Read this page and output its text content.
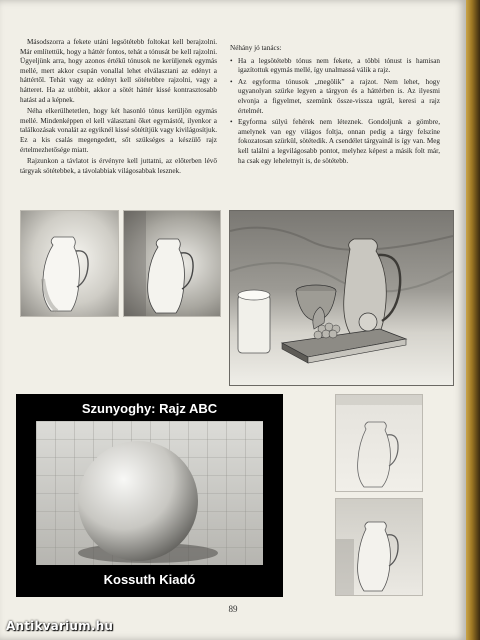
Másodszorra a fekete utáni legsötétebb foltokat kell berajzolni. Már említettük, hogy a háttér fontos, tehát a tónusát be kell rajzolni. Ügyeljünk arra, hogy azonos értékű tónusok ne kerüljenek egymás mellé, mert akkor csupán vonallal lehet elválasztani az edényt a háttértől. Tehát vagy az edényt kell sötétebbre rajzolni, vagy a hátteret. Ha az utóbbit, akkor a sötét háttér kissé kontrasztosabb hatást ad a képnek.

Néha elkerülhetetlen, hogy két hasonló tónus kerüljön egymás mellé. Mindenképpen el kell választani őket egymástól, ilyenkor a találkozásak vonalát az egyiknél kissé sötétítjük vagy kivilágosítjuk. Ez a kis csalás megengedett, sőt szükséges a készülő rajz értelmezhetősége miatt.

Rajzunkon a távlatot is érvényre kell juttatni, az előterben lévő tárgyak sötétebbek, a távolabbiak világosabbak lesznek.

Néhány jó tanács:

• Ha a legsötétebb tónus nem fekete, a többi tónust is hamisan igazítottuk egymás mellé, így unalmassá válik a rajz.
• Az egyforma tónusok „megölik” a rajzot. Nem lehet, hogy ugyanolyan szürke legyen a tárgyon és a háttérben is. Az ilyesmi elvonja a figyelmet, szemünk össze-vissza ugrál, keresi a rajz értelmét.
• Egyforma súlyú fehérek nem léteznek. Gondoljunk a gömbre, amelynek van egy világos foltja, onnan pedig a tárgy felszíne fokozatosan szürkül, sötétedik. A csendélet tárgyainál is így van. Meg kell találni a legvilágosabb pontot, melyhez képest a másik folt már, ha csak egy leheletnyit is, de sötétebb.
Szunyoghy: Rajz ABC
Kossuth Kiadó
89
Antikvarium.hu
